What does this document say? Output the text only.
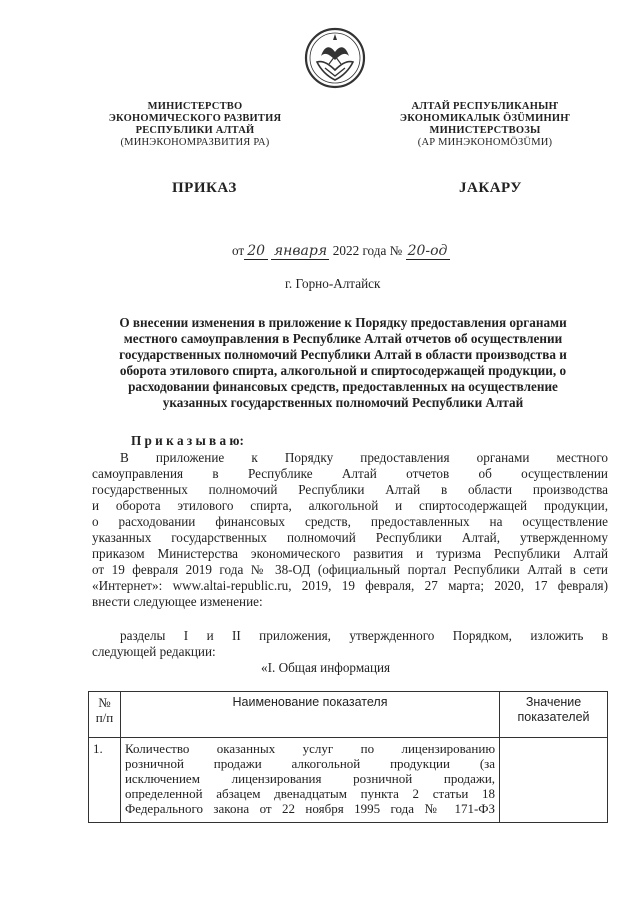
МИНИСТЕРСТВО
ЭКОНОМИЧЕСКОГО РАЗВИТИЯ
РЕСПУБЛИКИ АЛТАЙ
(МИНЭКОНОМРАЗВИТИЯ РА)
АЛТАЙ РЕСПУБЛИКАНЫҤ
ЭКОНОМИКАЛЫК ÖЗÜМИНИҤ
МИНИСТЕРСТВОЗЫ
(АР МИНЭКОНОМÖЗÜМИ)
ПРИКАЗ	ЈАКАРУ
от 20 января 2022 года № 20-од
г. Горно-Алтайск
О внесении изменения в приложение к Порядку предоставления органами
местного самоуправления в Республике Алтай отчетов об осуществлении
государственных полномочий Республики Алтай в области производства и
оборота этилового спирта, алкогольной и спиртосодержащей продукции, о
расходовании финансовых средств, предоставленных на осуществление
указанных государственных полномочий Республики Алтай
П р и к а з ы в а ю:
В приложение к Порядку предоставления органами местного
самоуправления в Республике Алтай отчетов об осуществлении
государственных полномочий Республики Алтай в области производства
и оборота этилового спирта, алкогольной и спиртосодержащей продукции,
о расходовании финансовых средств, предоставленных на осуществление
указанных государственных полномочий Республики Алтай, утвержденному
приказом Министерства экономического развития и туризма Республики Алтай
от 19 февраля 2019 года № 38-ОД (официальный портал Республики Алтай в сети
«Интернет»: www.altai-republic.ru, 2019, 19 февраля, 27 марта; 2020, 17 февраля)
внести следующее изменение:
разделы I и II приложения, утвержденного Порядком, изложить в
следующей редакции:
«I. Общая информация
№
п/п	Наименование показателя	Значение
показателей
1.	Количество оказанных услуг по лицензированию
розничной продажи алкогольной продукции (за
исключением лицензирования розничной продажи,
определенной абзацем двенадцатым пункта 2 статьи 18
Федерального закона от 22 ноября 1995 года № 171-ФЗ	
